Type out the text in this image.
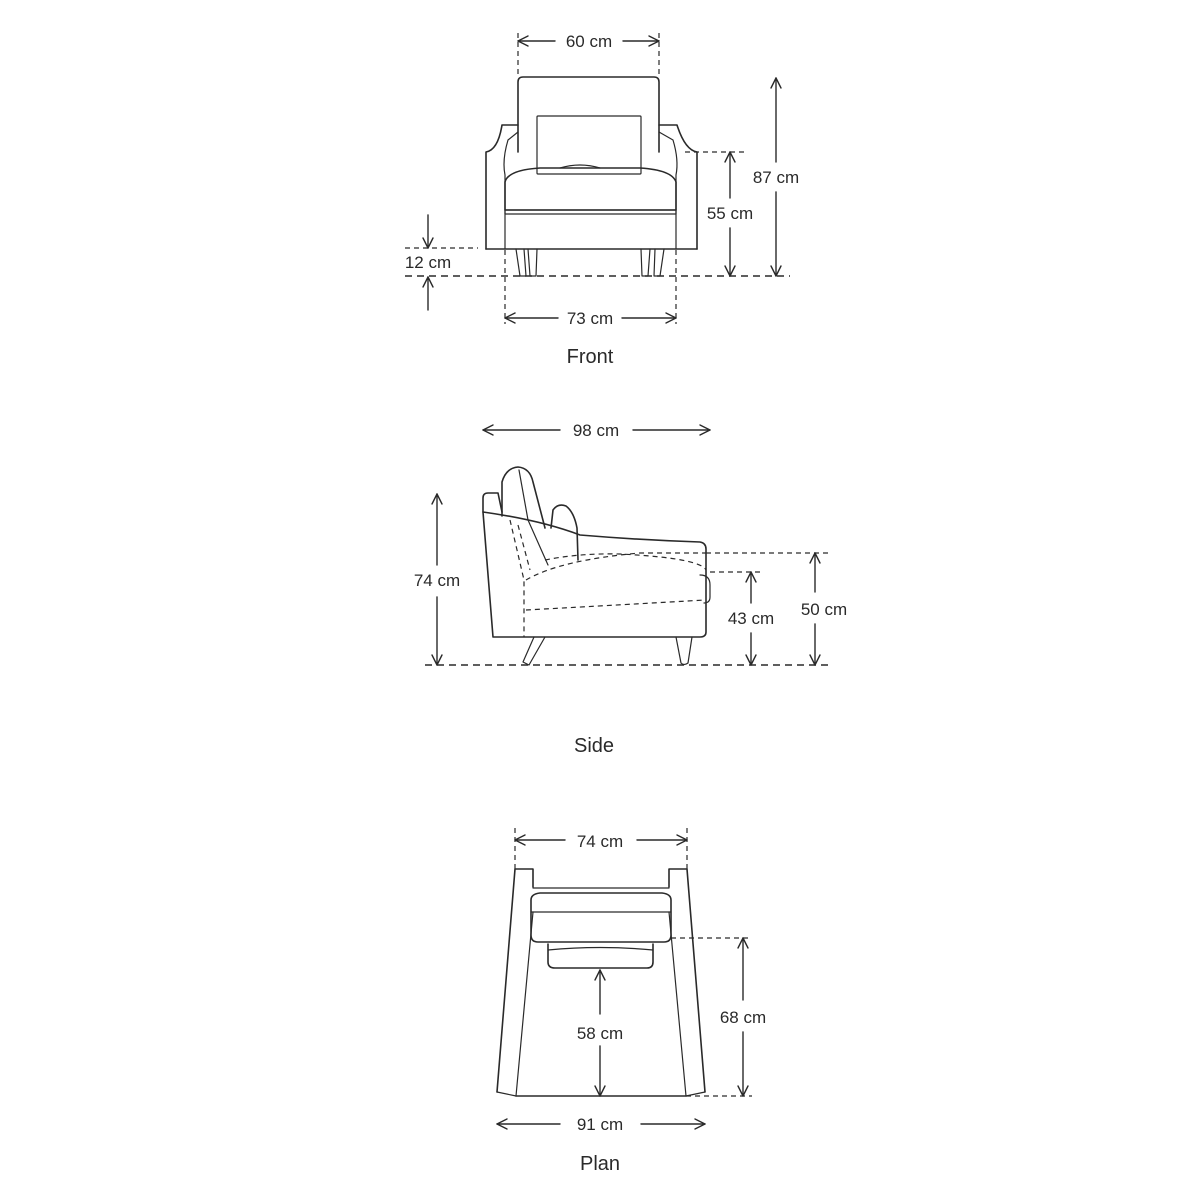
60 cm
87 cm
55 cm
12 cm
73 cm
Front
98 cm
74 cm
43 cm 50 cm
Side
74 cm
58 cm
68 cm
91 cm
Plan
